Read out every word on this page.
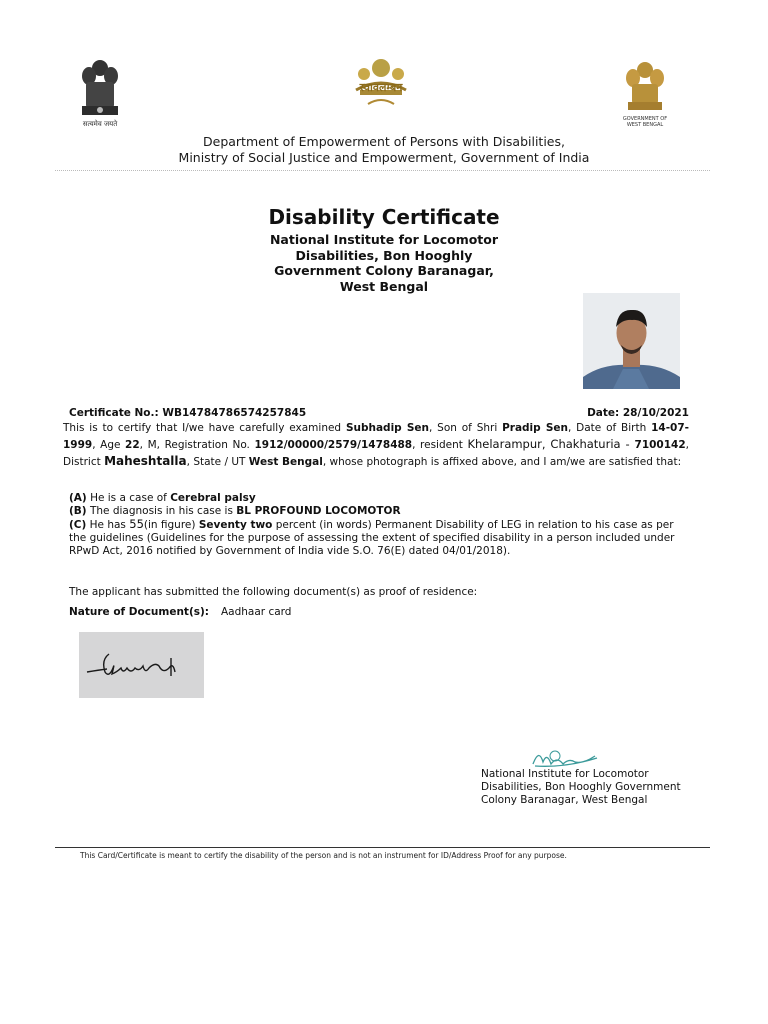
सत्यमेव जयते
स्वावलम्बन
GOVERNMENT OF
WEST BENGAL
Department of Empowerment of Persons with Disabilities,
Ministry of Social Justice and Empowerment, Government of India
Disability Certificate
National Institute for Locomotor
Disabilities, Bon Hooghly
Government Colony Baranagar,
West Bengal
Certificate No.: WB14784786574257845	Date: 28/10/2021
This is to certify that I/we have carefully examined Subhadip Sen, Son of Shri Pradip Sen, Date of Birth 14-07-1999, Age 22, M, Registration No. 1912/00000/2579/1478488, resident Khelarampur, Chakhaturia - 7100142, District Maheshtalla, State / UT West Bengal, whose photograph is affixed above, and I am/we are satisfied that:
(A) He is a case of Cerebral palsy
(B) The diagnosis in his case is BL PROFOUND LOCOMOTOR
(C) He has 55(in figure) Seventy two percent (in words) Permanent Disability of LEG in relation to his case as per the guidelines (Guidelines for the purpose of assessing the extent of specified disability in a person included under RPwD Act, 2016 notified by Government of India vide S.O. 76(E) dated 04/01/2018).
The applicant has submitted the following document(s) as proof of residence:
Nature of Document(s): Aadhaar card
National Institute for Locomotor
Disabilities, Bon Hooghly Government
Colony Baranagar, West Bengal
This Card/Certificate is meant to certify the disability of the person and is not an instrument for ID/Address Proof for any purpose.
